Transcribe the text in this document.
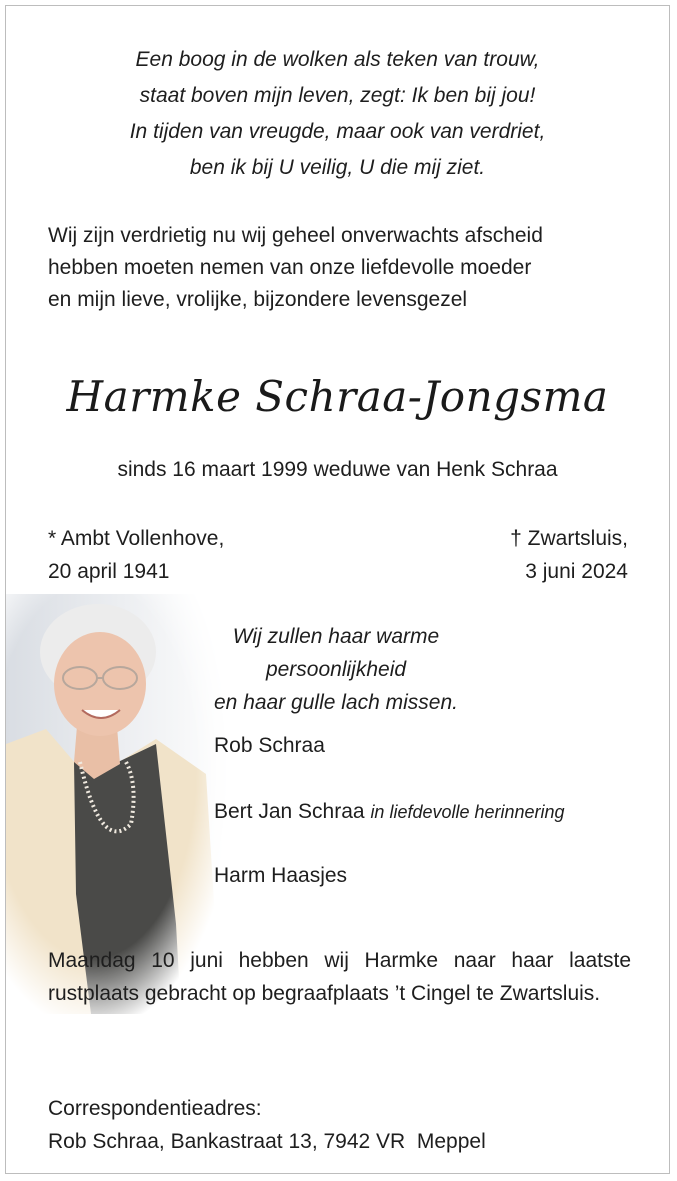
Een boog in de wolken als teken van trouw,
staat boven mijn leven, zegt: Ik ben bij jou!
In tijden van vreugde, maar ook van verdriet,
ben ik bij U veilig, U die mij ziet.
Wij zijn verdrietig nu wij geheel onverwachts afscheid
hebben moeten nemen van onze liefdevolle moeder
en mijn lieve, vrolijke, bijzondere levensgezel
Harmke Schraa-Jongsma
sinds 16 maart 1999 weduwe van Henk Schraa
* Ambt Vollenhove,
20 april 1941
† Zwartsluis,
3 juni 2024
Wij zullen haar warme persoonlijkheid
en haar gulle lach missen.
Rob Schraa
Bert Jan Schraa in liefdevolle herinnering
Harm Haasjes
Maandag 10 juni hebben wij Harmke naar haar laatste rustplaats gebracht op begraafplaats ’t Cingel te Zwartsluis.
Correspondentieadres:
Rob Schraa, Bankastraat 13, 7942 VR  Meppel
